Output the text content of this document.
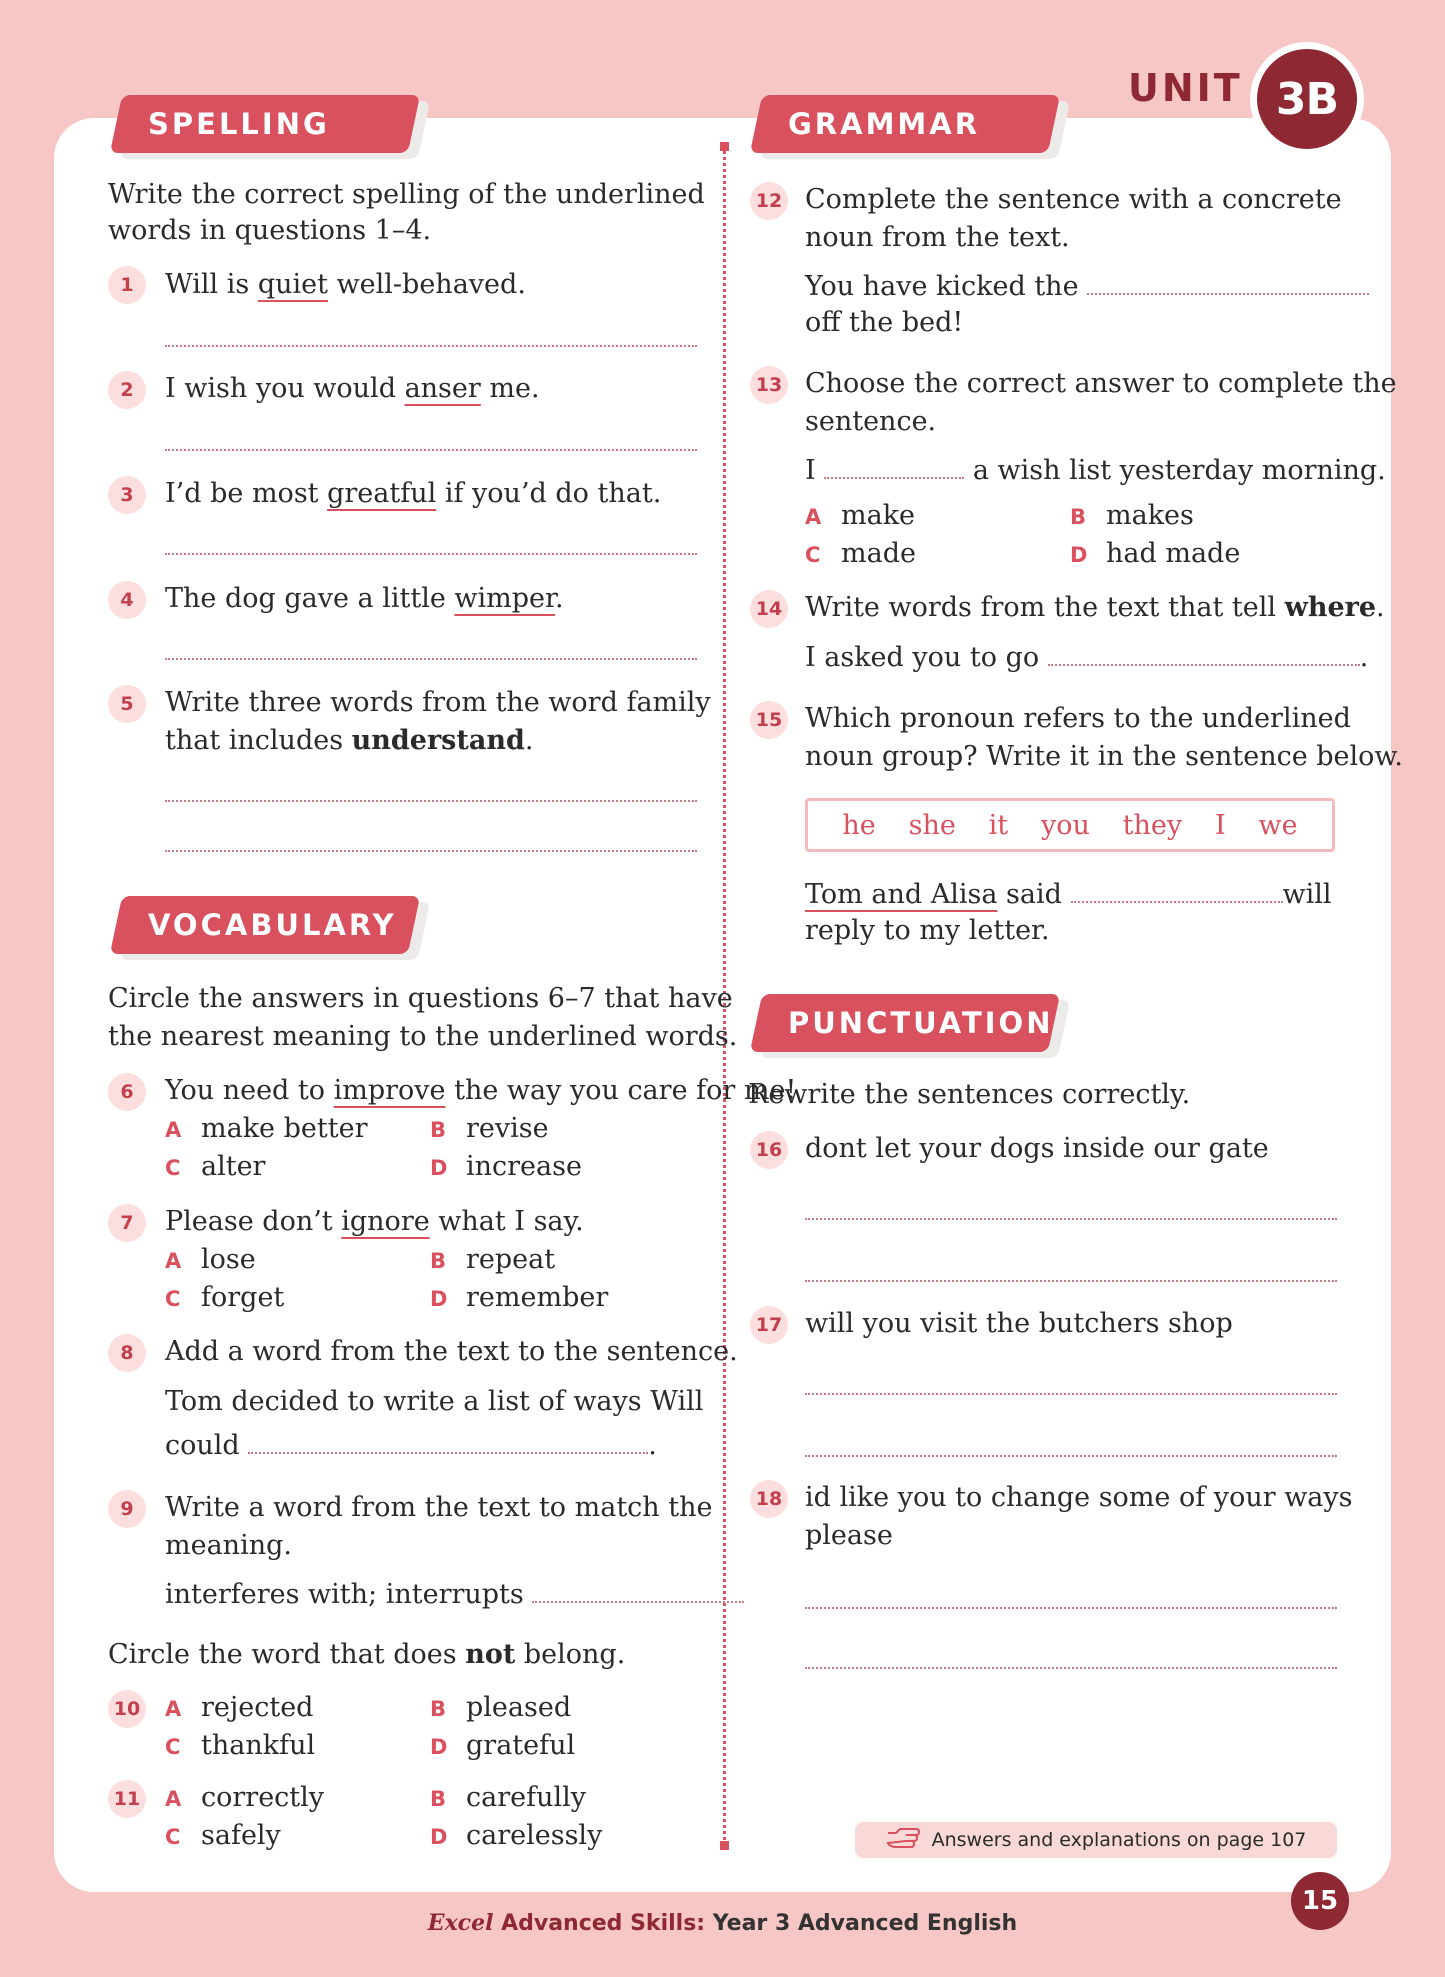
UNIT 3B
SPELLING
Write the correct spelling of the underlined
words in questions 1–4.
1	Will is quiet well-behaved.
2	I wish you would anser me.
3	I’d be most greatful if you’d do that.
4	The dog gave a little wimper.
5	Write three words from the word family
that includes understand.
VOCABULARY
Circle the answers in questions 6–7 that have
the nearest meaning to the underlined words.
6	You need to improve the way you care for me!
A make better	B revise
C alter	D increase
7	Please don’t ignore what I say.
A lose	B repeat
C forget	D remember
8	Add a word from the text to the sentence.
Tom decided to write a list of ways Will
could	.
9	Write a word from the text to match the
meaning.
interferes with; interrupts
Circle the word that does not belong.
10 A rejected	B pleased
C thankful	D grateful
11 A correctly	B carefully
C safely	D carelessly
GRAMMAR
12 Complete the sentence with a concrete
noun from the text.
You have kicked the
off the bed!
13 Choose the correct answer to complete the
sentence.
I	a wish list yesterday morning.
A make	B makes
C made	D had made
14 Write words from the text that tell where.
I asked you to go	.
15 Which pronoun refers to the underlined
noun group? Write it in the sentence below.
he she it you they I we
Tom and Alisa said	will
reply to my letter.
PUNCTUATION
Rewrite the sentences correctly.
16 dont let your dogs inside our gate
17 will you visit the butchers shop
18 id like you to change some of your ways
please
Answers and explanations on page 107
15
Excel Advanced Skills: Year 3 Advanced English
